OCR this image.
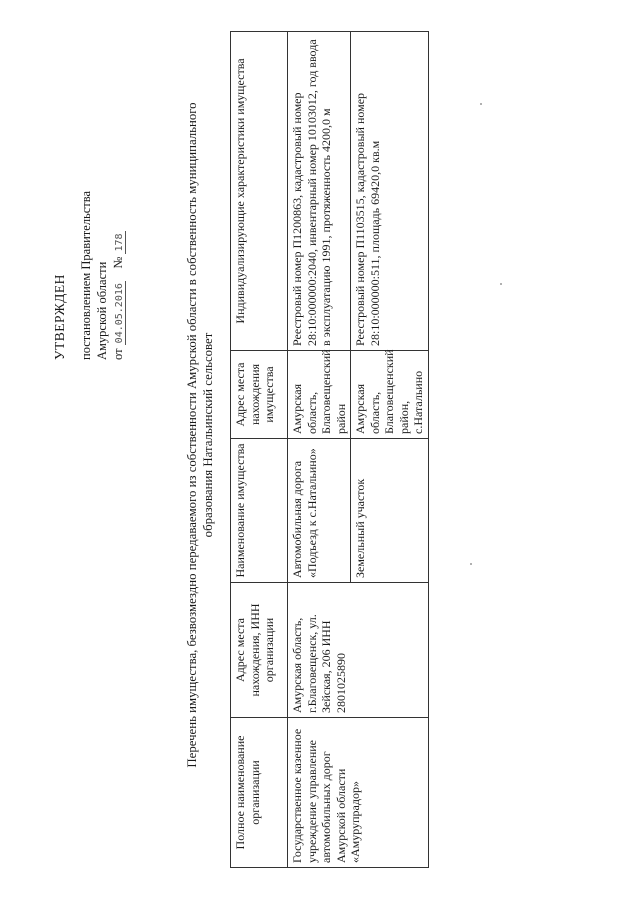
УТВЕРЖДЕН постановлением Правительства Амурской области от 04.05.2016    № 178	Перечень имущества, безвозмездно передаваемого из собственности Амурской области в собственность муниципального образования Натальинский сельсовет
Полное наименование организации	Адрес места нахождения, ИНН организации	Наименование имущества	Адрес места нахождения имущества	Индивидуализирующие характеристики имущества
Государственное казенное учреждение управление автомобильных дорог Амурской области «Амурупрадор»	Амурская область, г.Благовещенск, ул. Зейская, 206 ИНН 2801025890	Автомобильная дорога «Подъезд к с.Натальино»	Амурская область, Благовещенский район	Реестровый номер П1200863, кадастровый номер 28:10:000000:2040, инвентарный номер 10103012, год ввода в эксплуатацию 1991, протяженность 4200,0 м
		Земельный участок	Амурская область, Благовещенский район, с.Натальино	Реестровый номер П1103515, кадастровый номер 28:10:000000:511, площадь 69420,0 кв.м
